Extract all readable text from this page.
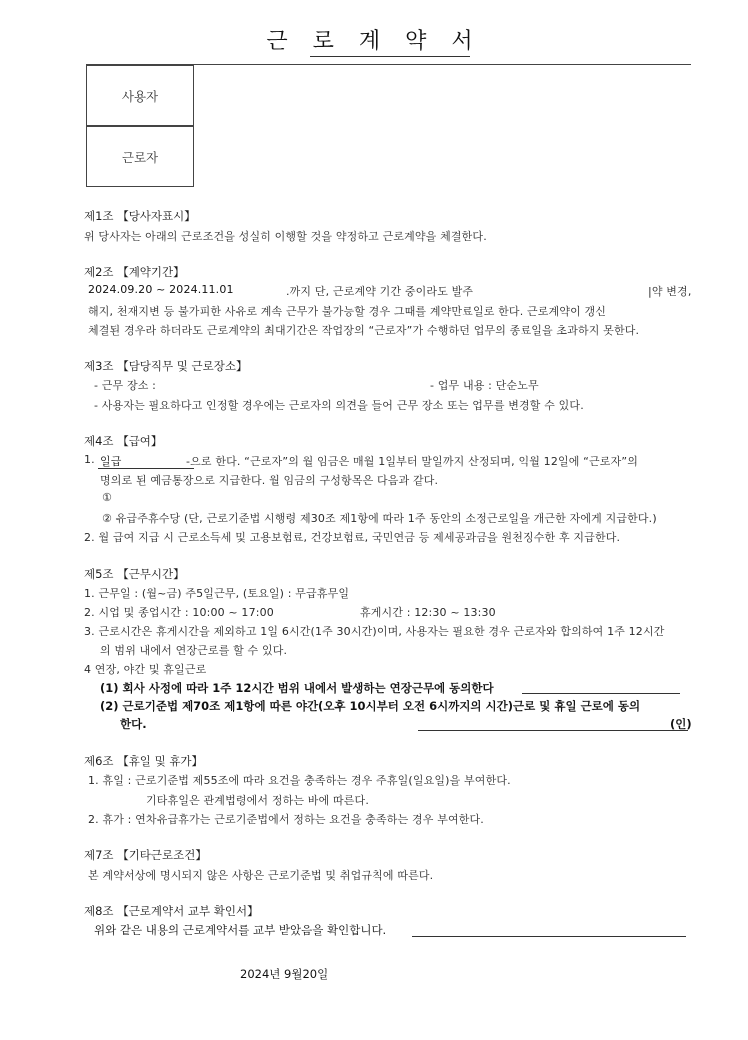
근 로 계 약 서
사용자
근로자
제1조 【당사자표시】
위 당사자는 아래의 근로조건을 성실히 이행할 것을 약정하고 근로계약을 체결한다.
제2조 【계약기간】
2024.09.20 ~ 2024.11.01	.까지 단, 근로계약 기간 중이라도 발주	|약 변경,
해지, 천재지변 등 불가피한 사유로 계속 근무가 불가능할 경우 그때를 계약만료일로 한다. 근로계약이 갱신
체결된 경우라 하더라도 근로계약의 최대기간은 작업장의 “근로자”가 수행하던 업무의 종료일을 초과하지 못한다.
제3조 【담당직무 및 근로장소】
- 근무 장소 :	- 업무 내용 : 단순노무
- 사용자는 필요하다고 인정할 경우에는 근로자의 의견을 들어 근무 장소 또는 업무를 변경할 수 있다.
제4조 【급여】
1. 일급	-으로 한다. “근로자”의 월 임금은 매월 1일부터 말일까지 산정되며, 익월 12일에 “근로자”의
명의로 된 예금통장으로 지급한다. 월 임금의 구성항목은 다음과 같다.
①
② 유급주휴수당 (단, 근로기준법 시행령 제30조 제1항에 따라 1주 동안의 소정근로일을 개근한 자에게 지급한다.)
2. 월 급여 지급 시 근로소득세 및 고용보험료, 건강보험료, 국민연금 등 제세공과금을 원천징수한 후 지급한다.
제5조 【근무시간】
1. 근무일 : (월~금) 주5일근무, (토요일) : 무급휴무일
2. 시업 및 종업시간 : 10:00 ~ 17:00	휴게시간 : 12:30 ~ 13:30
3. 근로시간은 휴게시간을 제외하고 1일 6시간(1주 30시간)이며, 사용자는 필요한 경우 근로자와 합의하여 1주 12시간
의 범위 내에서 연장근로를 할 수 있다.
4 연장, 야간 및 휴일근로
(1) 회사 사정에 따라 1주 12시간 범위 내에서 발생하는 연장근무에 동의한다
(2) 근로기준법 제70조 제1항에 따른 야간(오후 10시부터 오전 6시까지의 시간)근로 및 휴일 근로에 동의
한다.	(인)
제6조 【휴일 및 휴가】
1. 휴일 : 근로기준법 제55조에 따라 요건을 충족하는 경우 주휴일(일요일)을 부여한다.
기타휴일은 관계법령에서 정하는 바에 따른다.
2. 휴가 : 연차유급휴가는 근로기준법에서 정하는 요건을 충족하는 경우 부여한다.
제7조 【기타근로조건】
본 계약서상에 명시되지 않은 사항은 근로기준법 및 취업규칙에 따른다.
제8조 【근로계약서 교부 확인서】
위와 같은 내용의 근로계약서를 교부 받았음을 확인합니다.
2024년 9월20일
